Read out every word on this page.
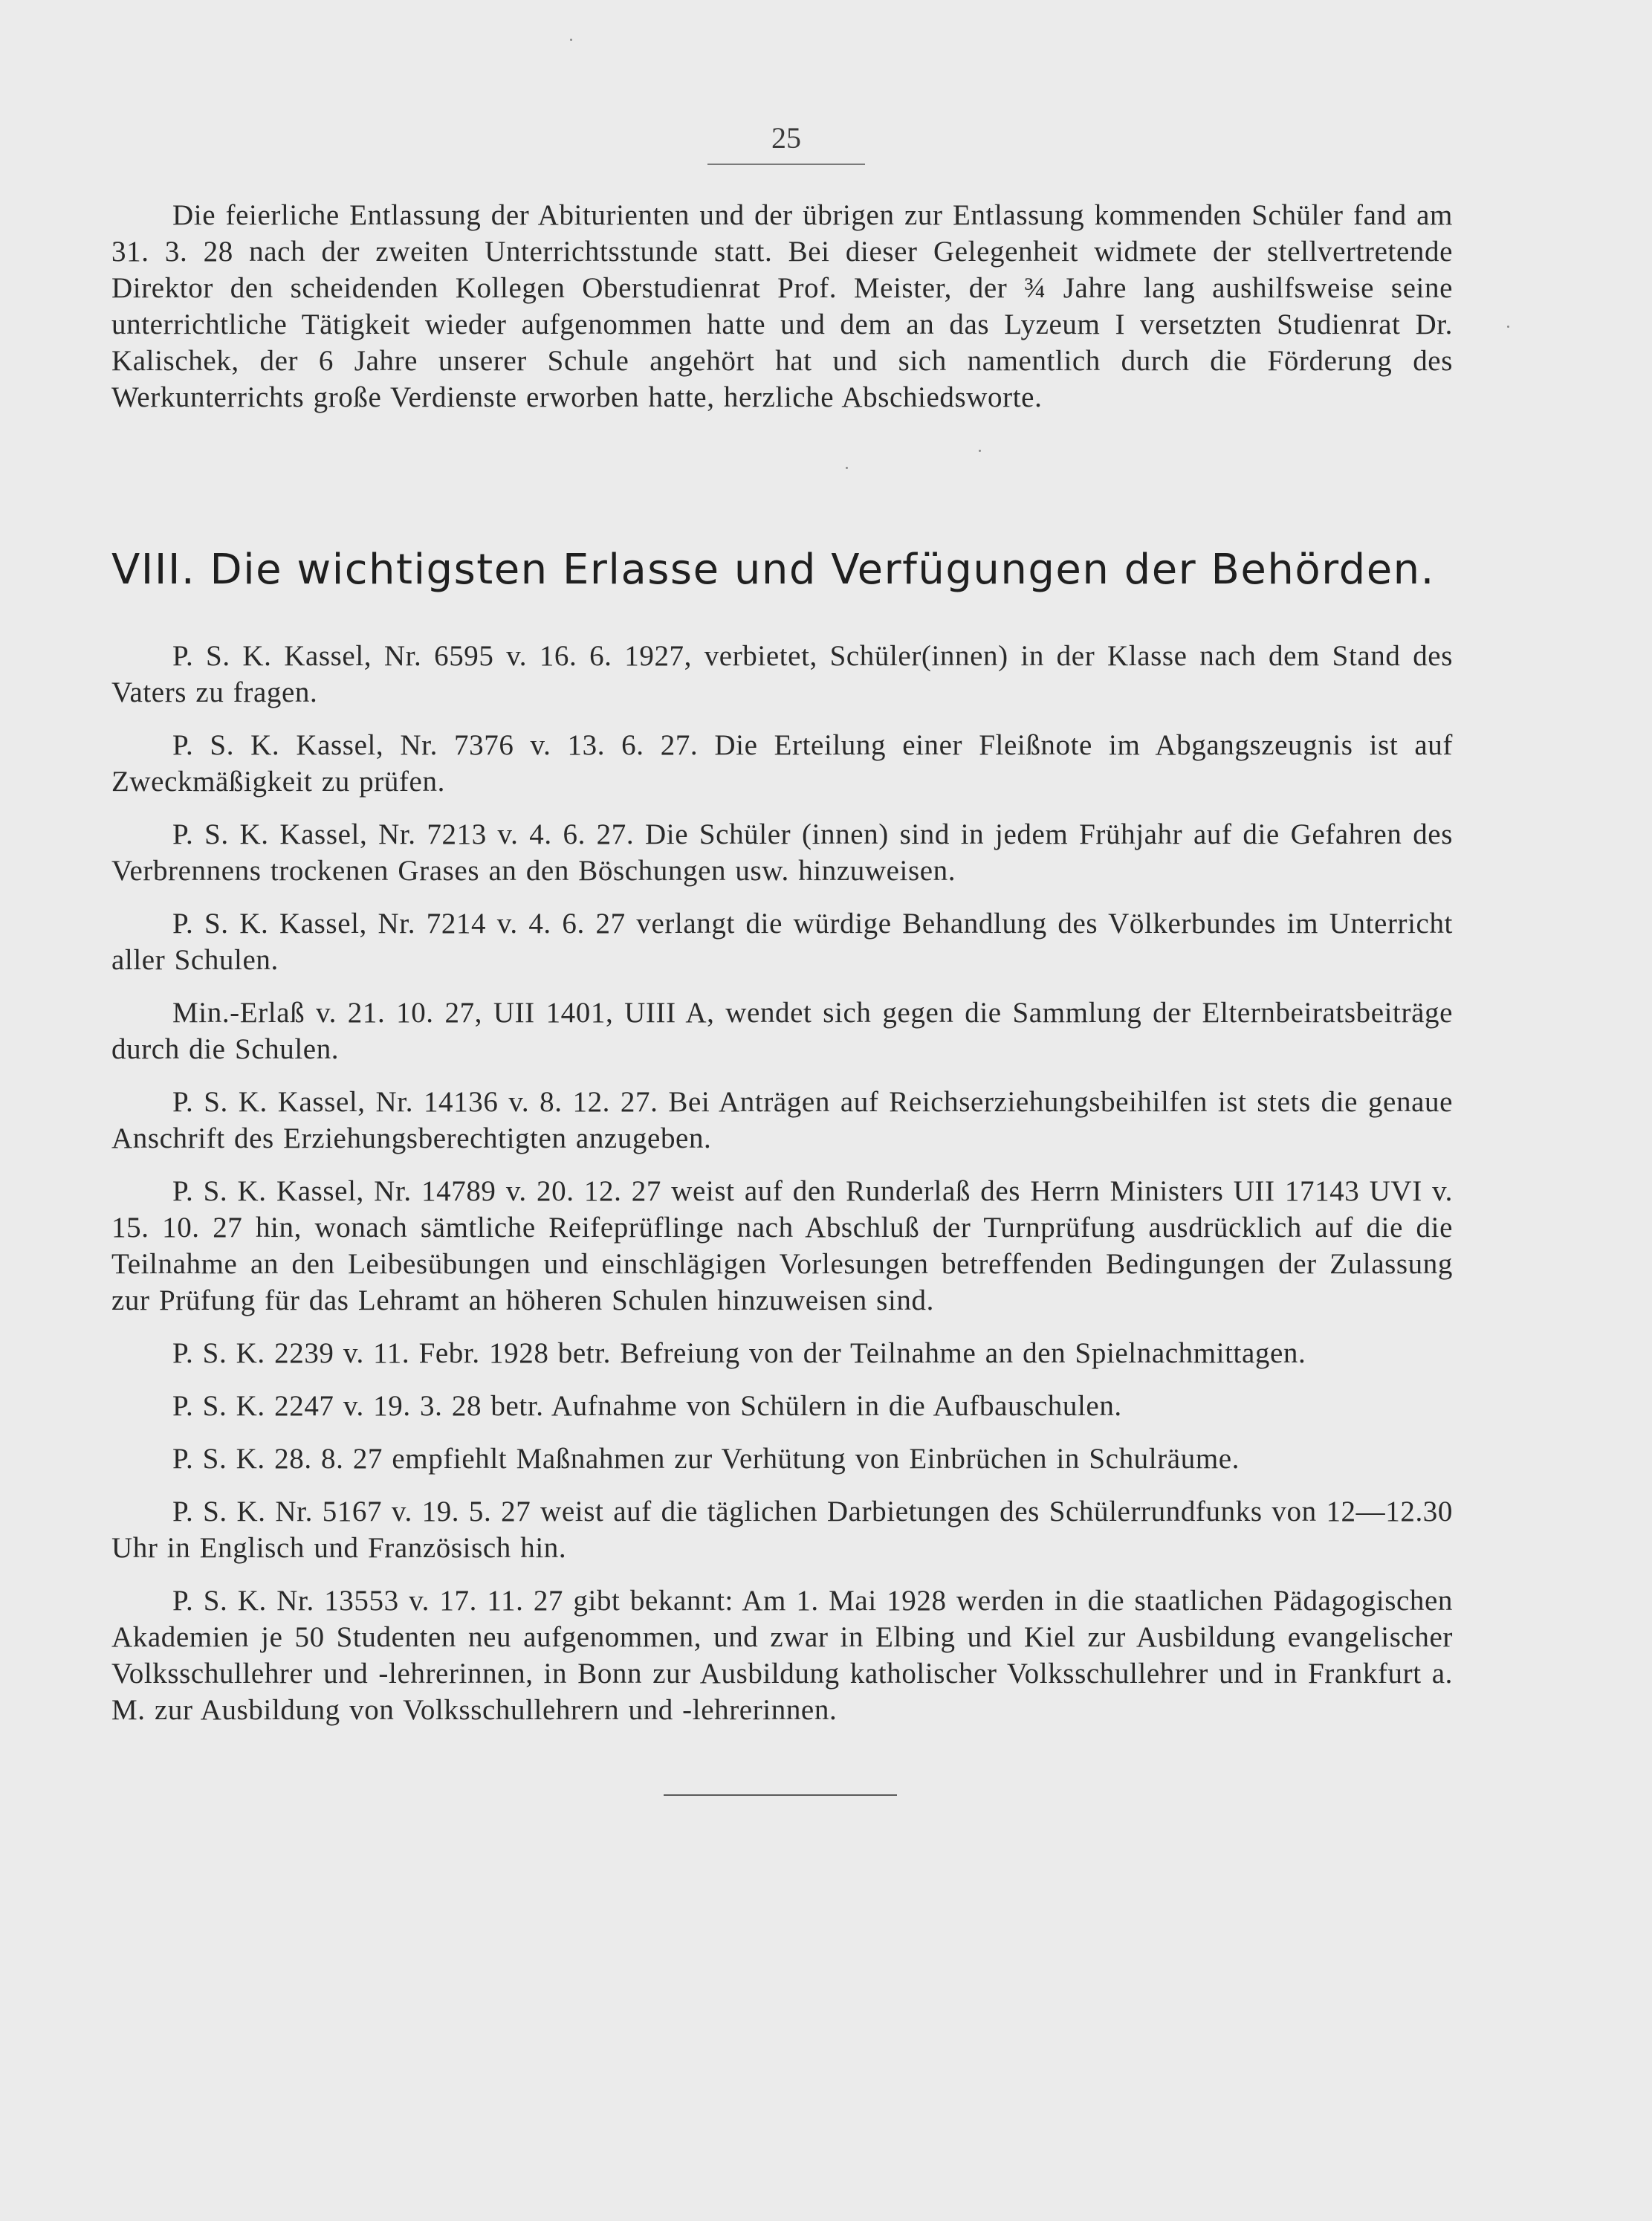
25

Die feierliche Entlassung der Abiturienten und der übrigen zur Entlassung kommenden Schüler fand am 31. 3. 28 nach der zweiten Unterrichtsstunde statt. Bei dieser Gelegenheit widmete der stellvertretende Direktor den scheidenden Kollegen Oberstudienrat Prof. Meister, der ¾ Jahre lang aushilfsweise seine unterrichtliche Tätigkeit wieder aufgenommen hatte und dem an das Lyzeum I versetzten Studienrat Dr. Kalischek, der 6 Jahre unserer Schule angehört hat und sich namentlich durch die Förderung des Werkunterrichts große Verdienste erworben hatte, herzliche Abschiedsworte.

VIII. Die wichtigsten Erlasse und Verfügungen der Behörden.

P. S. K. Kassel, Nr. 6595 v. 16. 6. 1927, verbietet, Schüler(innen) in der Klasse nach dem Stand des Vaters zu fragen.

P. S. K. Kassel, Nr. 7376 v. 13. 6. 27. Die Erteilung einer Fleißnote im Abgangszeugnis ist auf Zweckmäßigkeit zu prüfen.

P. S. K. Kassel, Nr. 7213 v. 4. 6. 27. Die Schüler (innen) sind in jedem Frühjahr auf die Gefahren des Verbrennens trockenen Grases an den Böschungen usw. hinzuweisen.

P. S. K. Kassel, Nr. 7214 v. 4. 6. 27 verlangt die würdige Behandlung des Völkerbundes im Unterricht aller Schulen.

Min.-Erlaß v. 21. 10. 27, UII 1401, UIII A, wendet sich gegen die Sammlung der Elternbeiratsbeiträge durch die Schulen.

P. S. K. Kassel, Nr. 14136 v. 8. 12. 27. Bei Anträgen auf Reichserziehungsbeihilfen ist stets die genaue Anschrift des Erziehungsberechtigten anzugeben.

P. S. K. Kassel, Nr. 14789 v. 20. 12. 27 weist auf den Runderlaß des Herrn Ministers UII 17143 UVI v. 15. 10. 27 hin, wonach sämtliche Reifeprüflinge nach Abschluß der Turnprüfung ausdrücklich auf die die Teilnahme an den Leibesübungen und einschlägigen Vorlesungen betreffenden Bedingungen der Zulassung zur Prüfung für das Lehramt an höheren Schulen hinzuweisen sind.

P. S. K. 2239 v. 11. Febr. 1928 betr. Befreiung von der Teilnahme an den Spielnachmittagen.

P. S. K. 2247 v. 19. 3. 28 betr. Aufnahme von Schülern in die Aufbauschulen.

P. S. K. 28. 8. 27 empfiehlt Maßnahmen zur Verhütung von Einbrüchen in Schulräume.

P. S. K. Nr. 5167 v. 19. 5. 27 weist auf die täglichen Darbietungen des Schülerrundfunks von 12—12.30 Uhr in Englisch und Französisch hin.

P. S. K. Nr. 13553 v. 17. 11. 27 gibt bekannt: Am 1. Mai 1928 werden in die staatlichen Pädagogischen Akademien je 50 Studenten neu aufgenommen, und zwar in Elbing und Kiel zur Ausbildung evangelischer Volksschullehrer und -lehrerinnen, in Bonn zur Ausbildung katholischer Volksschullehrer und in Frankfurt a. M. zur Ausbildung von Volksschullehrern und -lehrerinnen.
